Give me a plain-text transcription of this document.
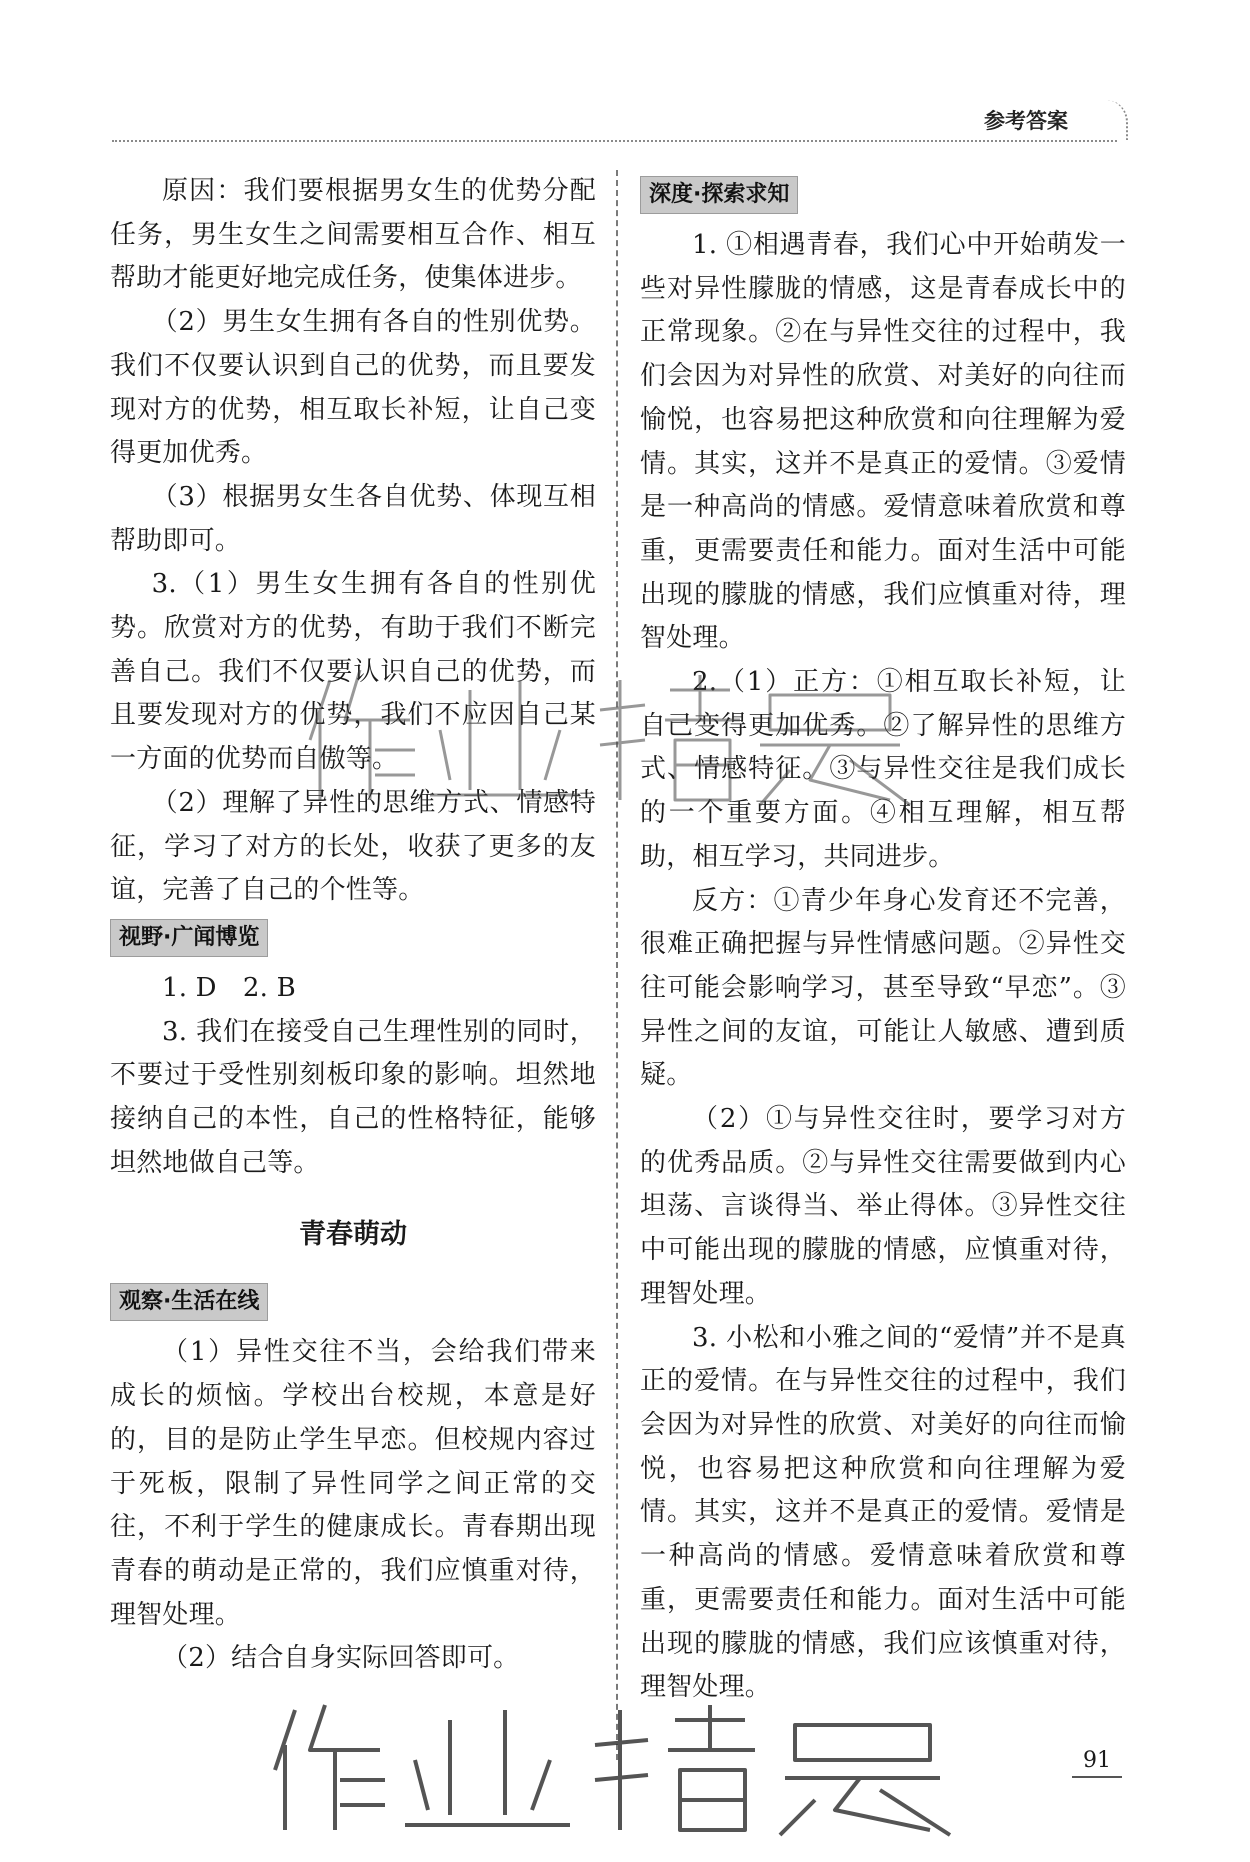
参考答案

原因：我们要根据男女生的优势分配任务，男生女生之间需要相互合作、相互帮助才能更好地完成任务，使集体进步。

（2）男生女生拥有各自的性别优势。我们不仅要认识到自己的优势，而且要发现对方的优势，相互取长补短，让自己变得更加优秀。

（3）根据男女生各自优势、体现互相帮助即可。

3.（1）男生女生拥有各自的性别优势。欣赏对方的优势，有助于我们不断完善自己。我们不仅要认识自己的优势，而且要发现对方的优势，我们不应因自己某一方面的优势而自傲等。

（2）理解了异性的思维方式、情感特征，学习了对方的长处，收获了更多的友谊，完善了自己的个性等。

视野·广闻博览

1. D　2. B

3. 我们在接受自己生理性别的同时，不要过于受性别刻板印象的影响。坦然地接纳自己的本性，自己的性格特征，能够坦然地做自己等。

青春萌动
观察·生活在线

（1）异性交往不当，会给我们带来成长的烦恼。学校出台校规，本意是好的，目的是防止学生早恋。但校规内容过于死板，限制了异性同学之间正常的交往，不利于学生的健康成长。青春期出现青春的萌动是正常的，我们应慎重对待，理智处理。

（2）结合自身实际回答即可。

深度·探索求知

1. ①相遇青春，我们心中开始萌发一些对异性朦胧的情感，这是青春成长中的正常现象。②在与异性交往的过程中，我们会因为对异性的欣赏、对美好的向往而愉悦，也容易把这种欣赏和向往理解为爱情。其实，这并不是真正的爱情。③爱情是一种高尚的情感。爱情意味着欣赏和尊重，更需要责任和能力。面对生活中可能出现的朦胧的情感，我们应慎重对待，理智处理。

2.（1）正方：①相互取长补短，让自己变得更加优秀。②了解异性的思维方式、情感特征。③与异性交往是我们成长的一个重要方面。④相互理解，相互帮助，相互学习，共同进步。

反方：①青少年身心发育还不完善，很难正确把握与异性情感问题。②异性交往可能会影响学习，甚至导致“早恋”。③异性之间的友谊，可能让人敏感、遭到质疑。

（2）①与异性交往时，要学习对方的优秀品质。②与异性交往需要做到内心坦荡、言谈得当、举止得体。③异性交往中可能出现的朦胧的情感，应慎重对待，理智处理。

3. 小松和小雅之间的“爱情”并不是真正的爱情。在与异性交往的过程中，我们会因为对异性的欣赏、对美好的向往而愉悦，也容易把这种欣赏和向往理解为爱情。其实，这并不是真正的爱情。爱情是一种高尚的情感。爱情意味着欣赏和尊重，更需要责任和能力。面对生活中可能出现的朦胧的情感，我们应该慎重对待，理智处理。

91
